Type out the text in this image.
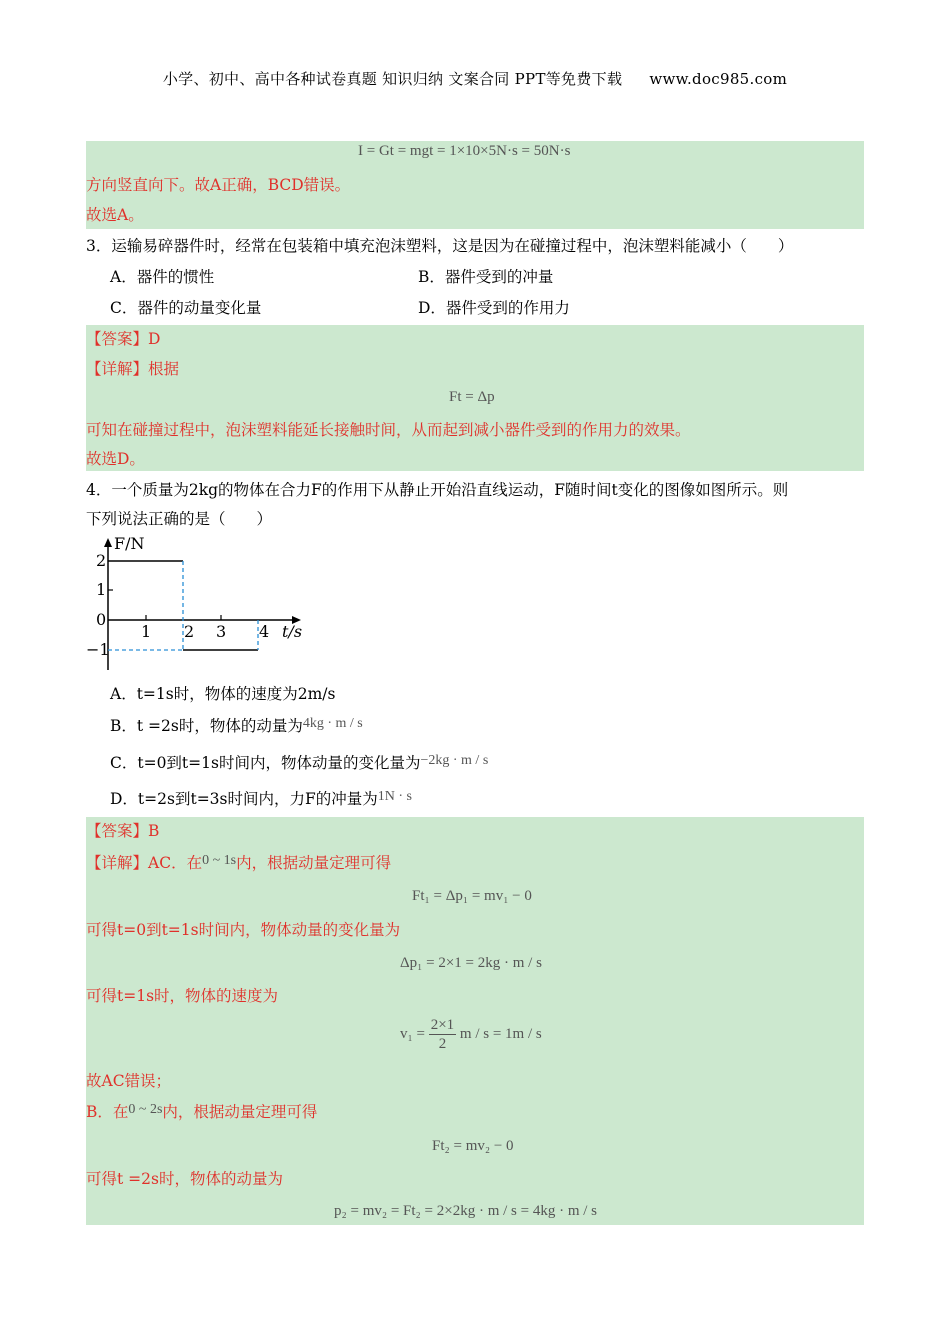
小学、初中、高中各种试卷真题 知识归纳 文案合同 PPT等免费下载 www.doc985.com
I = Gt = mgt = 1×10×5N·s = 50N·s
方向竖直向下。故A正确，BCD错误。
故选A。
3．运输易碎器件时，经常在包装箱中填充泡沫塑料，这是因为在碰撞过程中，泡沫塑料能减小（　　）
A．器件的惯性	B．器件受到的冲量
C．器件的动量变化量	D．器件受到的作用力
【答案】D
【详解】根据
Ft = Δp
可知在碰撞过程中，泡沫塑料能延长接触时间，从而起到减小器件受到的作用力的效果。
故选D。
4．一个质量为2kg的物体在合力F的作用下从静止开始沿直线运动，F随时间t变化的图像如图所示。则
下列说法正确的是（　　）
F/N
t/s
2
1
0
−1
1 2 3 4
A．t=1s时，物体的速度为2m/s
B．t =2s时，物体的动量为4kg · m / s
C．t=0到t=1s时间内，物体动量的变化量为−2kg · m / s
D．t=2s到t=3s时间内，力F的冲量为1N · s
【答案】B
【详解】AC．在0 ~ 1s内，根据动量定理可得
Ft₁ = Δp₁ = mv₁ − 0
可得t=0到t=1s时间内，物体动量的变化量为
Δp₁ = 2×1 = 2kg · m / s
可得t=1s时，物体的速度为
$v_1 = \frac{2\times 1}{2}$ m / s = 1m / s
故AC错误；
B．在0 ~ 2s内，根据动量定理可得
Ft₂ = mv₂ − 0
可得t =2s时，物体的动量为
p₂ = mv₂ = Ft₂ = 2×2kg · m / s = 4kg · m / s
